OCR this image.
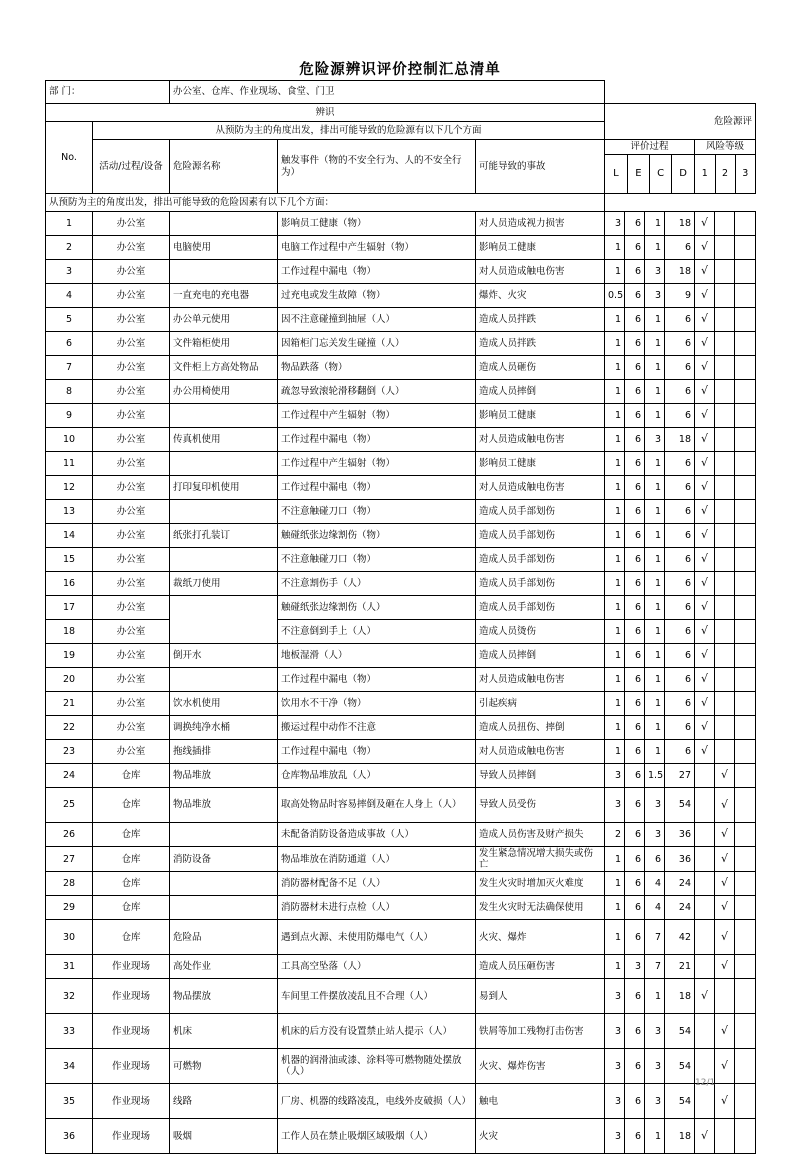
危险源辨识评价控制汇总清单
部 门：	办公室、仓库、作业现场、食堂、门卫	
辨识	危险源评
No.	从预防为主的角度出发，排出可能导致的危险源有以下几个方面
活动/过程/设备	危险源名称	触发事件（物的不安全行为、人的不安全行为）	可能导致的事故	
评价过程
L	E	C	D

风险等级
1	2	3

从预防为主的角度出发，排出可能导致的危险因素有以下几个方面：	
1	办公室		影响员工健康（物）	对人员造成视力损害	3	6	1	18	√		
2	办公室	电脑使用	电脑工作过程中产生辐射（物）	影响员工健康	1	6	1	6	√		
3	办公室		工作过程中漏电（物）	对人员造成触电伤害	1	6	3	18	√		
4	办公室	一直充电的充电器	过充电或发生故障（物）	爆炸、火灾	0.5	6	3	9	√		
5	办公室	办公单元使用	因不注意碰撞到抽屉（人）	造成人员拌跌	1	6	1	6	√		
6	办公室	文件箱柜使用	因箱柜门忘关发生碰撞（人）	造成人员拌跌	1	6	1	6	√		
7	办公室	文件柜上方高处物品	物品跌落（物）	造成人员砸伤	1	6	1	6	√		
8	办公室	办公用椅使用	疏忽导致滚轮滑移翻倒（人）	造成人员摔倒	1	6	1	6	√		
9	办公室		工作过程中产生辐射（物）	影响员工健康	1	6	1	6	√		
10	办公室	传真机使用	工作过程中漏电（物）	对人员造成触电伤害	1	6	3	18	√		
11	办公室		工作过程中产生辐射（物）	影响员工健康	1	6	1	6	√		
12	办公室	打印复印机使用	工作过程中漏电（物）	对人员造成触电伤害	1	6	1	6	√		
13	办公室		不注意触碰刀口（物）	造成人员手部划伤	1	6	1	6	√		
14	办公室	纸张打孔装订	触碰纸张边缘割伤（物）	造成人员手部划伤	1	6	1	6	√		
15	办公室		不注意触碰刀口（物）	造成人员手部划伤	1	6	1	6	√		
16	办公室	裁纸刀使用	不注意割伤手（人）	造成人员手部划伤	1	6	1	6	√		
17	办公室		触碰纸张边缘割伤（人）	造成人员手部划伤	1	6	1	6	√		
18	办公室		不注意倒到手上（人）	造成人员烫伤	1	6	1	6	√		
19	办公室	倒开水	地板湿滑（人）	造成人员摔倒	1	6	1	6	√		
20	办公室		工作过程中漏电（物）	对人员造成触电伤害	1	6	1	6	√		
21	办公室	饮水机使用	饮用水不干净（物）	引起疾病	1	6	1	6	√		
22	办公室	调换纯净水桶	搬运过程中动作不注意	造成人员扭伤、摔倒	1	6	1	6	√		
23	办公室	拖线插排	工作过程中漏电（物）	对人员造成触电伤害	1	6	1	6	√		
24	仓库	物品堆放	仓库物品堆放乱（人）	导致人员摔倒	3	6	1.5	27		√	
25	仓库	物品堆放	取高处物品时容易摔倒及砸在人身上（人）	导致人员受伤	3	6	3	54		√	
26	仓库		未配备消防设备造成事故（人）	造成人员伤害及财产损失	2	6	3	36		√	
27	仓库	消防设备	物品堆放在消防通道（人）	发生紧急情况增大损失或伤亡	1	6	6	36		√	
28	仓库		消防器材配备不足（人）	发生火灾时增加灭火难度	1	6	4	24		√	
29	仓库		消防器材未进行点检（人）	发生火灾时无法确保使用	1	6	4	24		√	
30	仓库	危险品	遇到点火源、未使用防爆电气（人）	火灾、爆炸	1	6	7	42		√	
31	作业现场	高处作业	工具高空坠落（人）	造成人员压砸伤害	1	3	7	21		√	
32	作业现场	物品摆放	车间里工件摆放凌乱且不合理（人）	易到人	3	6	1	18	√		
33	作业现场	机床	机床的后方没有设置禁止站人提示（人）	铁屑等加工残物打击伤害	3	6	3	54		√	
34	作业现场	可燃物	机器的润滑油或漆、涂料等可燃物随处摆放（人）	火灾、爆炸伤害	3	6	3	54		√	
35	作业现场	线路	厂房、机器的线路凌乱，电线外皮破损（人）	触电	3	6	3	54		√	
36	作业现场	吸烟	工作人员在禁止吸烟区域吸烟（人）	火灾	3	6	1	18	√		
12/1
